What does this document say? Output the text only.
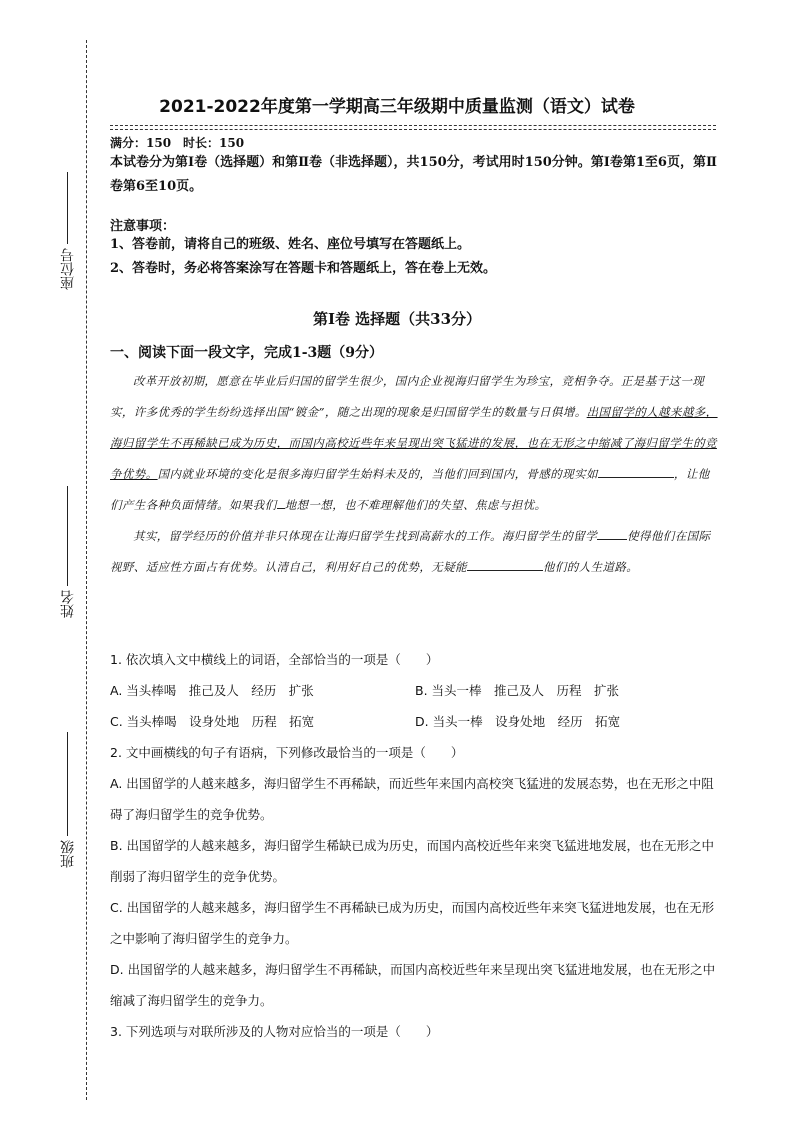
座位号
姓名
班级
2021-2022年度第一学期高三年级期中质量监测（语文）试卷
满分：150　时长：150
本试卷分为第Ⅰ卷（选择题）和第Ⅱ卷（非选择题），共150分，考试用时150分钟。第Ⅰ卷第1至6页，第Ⅱ卷第6至10页。
注意事项：
1、答卷前，请将自己的班级、姓名、座位号填写在答题纸上。
2、答卷时，务必将答案涂写在答题卡和答题纸上，答在卷上无效。
第Ⅰ卷 选择题（共33分）
一、阅读下面一段文字，完成1-3题（9分）

改革开放初期，愿意在毕业后归国的留学生很少，国内企业视海归留学生为珍宝，竞相争夺。正是基于这一现实，许多优秀的学生纷纷选择出国“镀金”，随之出现的现象是归国留学生的数量与日俱增。出国留学的人越来越多，海归留学生不再稀缺已成为历史，而国内高校近些年来呈现出突飞猛进的发展，也在无形之中缩减了海归留学生的竞争优势。国内就业环境的变化是很多海归留学生始料未及的，当他们回到国内，骨感的现实如	，让他们产生各种负面情绪。如果我们 地想一想，也不难理解他们的失望、焦虑与担忧。

其实，留学经历的价值并非只体现在让海归留学生找到高薪水的工作。海归留学生的留学	使得他们在国际视野、适应性方面占有优势。认清自己，利用好自己的优势，无疑能	他们的人生道路。

1. 依次填入文中横线上的词语，全部恰当的一项是（　　）

A. 当头棒喝　推己及人　经历　扩张	B. 当头一棒　推己及人　历程　扩张
C. 当头棒喝　设身处地　历程　拓宽	D. 当头一棒　设身处地　经历　拓宽

2. 文中画横线的句子有语病，下列修改最恰当的一项是（　　）

A. 出国留学的人越来越多，海归留学生不再稀缺，而近些年来国内高校突飞猛进的发展态势，也在无形之中阻碍了海归留学生的竞争优势。

B. 出国留学的人越来越多，海归留学生稀缺已成为历史，而国内高校近些年来突飞猛进地发展，也在无形之中削弱了海归留学生的竞争优势。

C. 出国留学的人越来越多，海归留学生不再稀缺已成为历史，而国内高校近些年来突飞猛进地发展，也在无形之中影响了海归留学生的竞争力。

D. 出国留学的人越来越多，海归留学生不再稀缺，而国内高校近些年来呈现出突飞猛进地发展，也在无形之中缩减了海归留学生的竞争力。

3. 下列选项与对联所涉及的人物对应恰当的一项是（　　）
